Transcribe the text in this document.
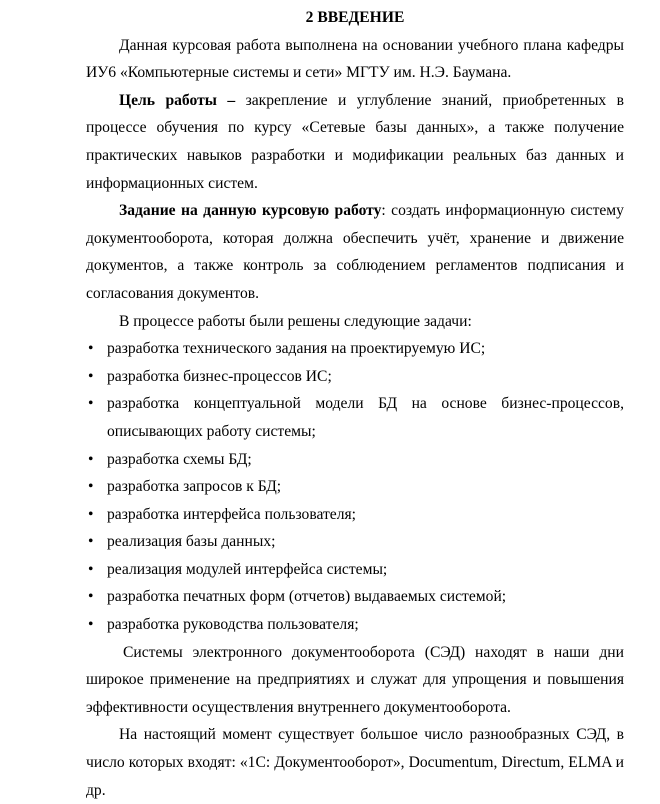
2 ВВЕДЕНИЕ

Данная курсовая работа выполнена на основании учебного плана кафедры ИУ6 «Компьютерные системы и сети» МГТУ им. Н.Э. Баумана.

Цель работы – закрепление и углубление знаний, приобретенных в процессе обучения по курсу «Сетевые базы данных», а также получение практических навыков разработки и модификации реальных баз данных и информационных систем.

Задание на данную курсовую работу: создать информационную систему документооборота, которая должна обеспечить учёт, хранение и движение документов, а также контроль за соблюдением регламентов подписания и согласования документов.

В процессе работы были решены следующие задачи:

• разработка технического задания на проектируемую ИС;
• разработка бизнес-процессов ИС;
• разработка концептуальной модели БД на основе бизнес-процессов, описывающих работу системы;
• разработка схемы БД;
• разработка запросов к БД;
• разработка интерфейса пользователя;
• реализация базы данных;
• реализация модулей интерфейса системы;
• разработка печатных форм (отчетов) выдаваемых системой;
• разработка руководства пользователя;

Системы электронного документооборота (СЭД) находят в наши дни широкое применение на предприятиях и служат для упрощения и повышения эффективности осуществления внутреннего документооборота.

На настоящий момент существует большое число разнообразных СЭД, в число которых входят: «1С: Документооборот», Documentum, Directum, ELMA и др.
